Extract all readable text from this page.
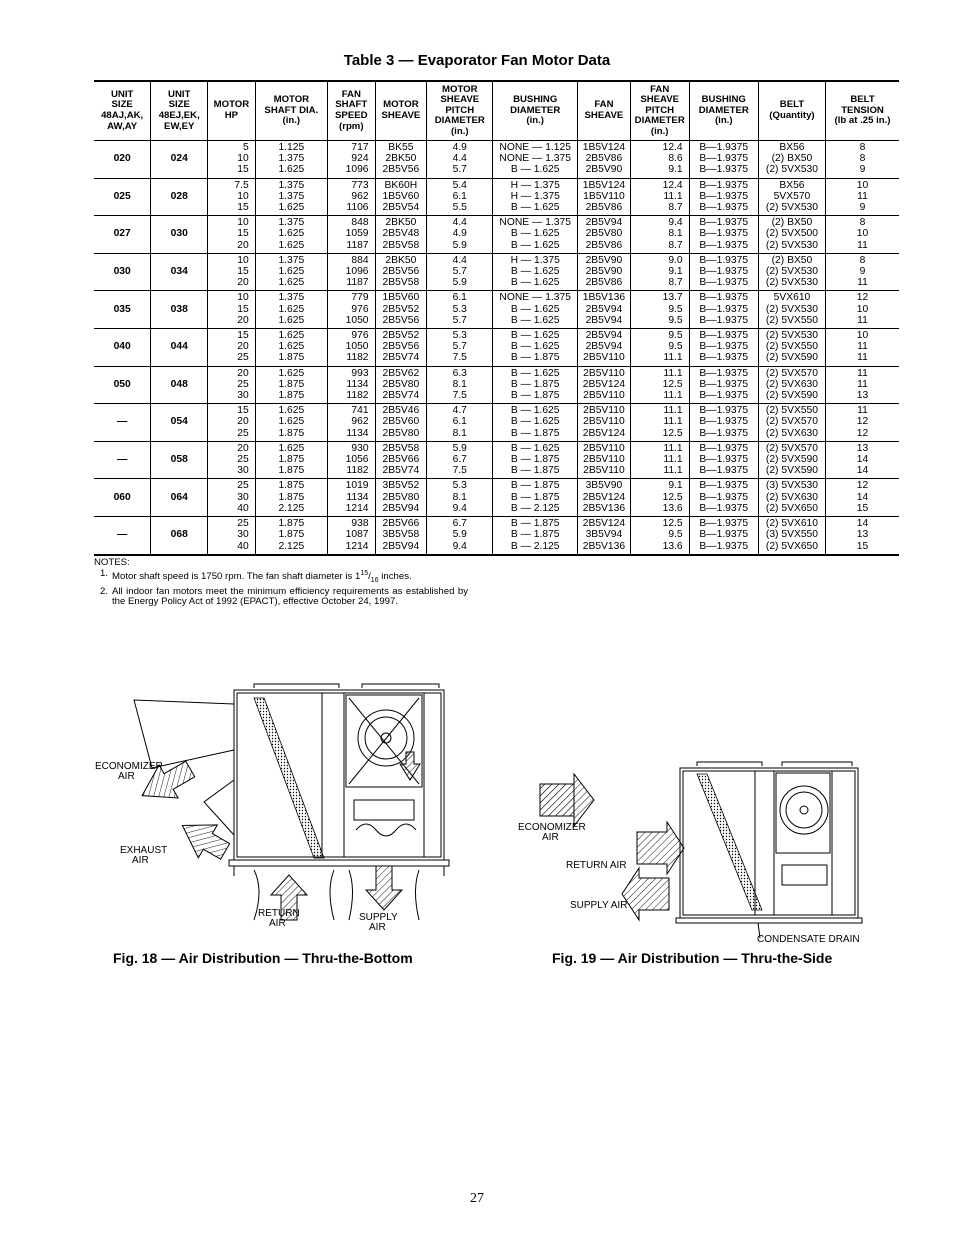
Table 3 — Evaporator Fan Motor Data
UNIT
SIZE
48AJ,AK,
AW,AY	UNIT
SIZE
48EJ,EK,
EW,EY	MOTOR
HP	MOTOR
SHAFT DIA.
(in.)	FAN
SHAFT
SPEED
(rpm)	MOTOR
SHEAVE	MOTOR
SHEAVE
PITCH
DIAMETER
(in.)	BUSHING
DIAMETER
(in.)	FAN
SHEAVE	FAN
SHEAVE
PITCH
DIAMETER
(in.)	BUSHING
DIAMETER
(in.)	BELT
(Quantity)	BELT
TENSION
(lb at .25 in.)

020	024	5
10
15	1.125
1.375
1.625	717
924
1096	BK55
2BK50
2B5V56	4.9
4.4
5.7	NONE — 1.125
NONE — 1.375
B — 1.625	1B5V124
2B5V86
2B5V90	12.4
8.6
9.1	B—1.9375
B—1.9375
B—1.9375	BX56
(2) BX50
(2) 5VX530	8
8
9

025	028	7.5
10
15	1.375
1.375
1.625	773
962
1106	BK60H
1B5V60
2B5V54	5.4
6.1
5.5	H — 1.375
H — 1.375
B — 1.625	1B5V124
1B5V110
2B5V86	12.4
11.1
8.7	B—1.9375
B—1.9375
B—1.9375	BX56
5VX570
(2) 5VX530	10
11
9

027	030	10
15
20	1.375
1.625
1.625	848
1059
1187	2BK50
2B5V48
2B5V58	4.4
4.9
5.9	NONE — 1.375
B — 1.625
B — 1.625	2B5V94
2B5V80
2B5V86	9.4
8.1
8.7	B—1.9375
B—1.9375
B—1.9375	(2) BX50
(2) 5VX500
(2) 5VX530	8
10
11

030	034	10
15
20	1.375
1.625
1.625	884
1096
1187	2BK50
2B5V56
2B5V58	4.4
5.7
5.9	H — 1.375
B — 1.625
B — 1.625	2B5V90
2B5V90
2B5V86	9.0
9.1
8.7	B—1.9375
B—1.9375
B—1.9375	(2) BX50
(2) 5VX530
(2) 5VX530	8
9
11

035	038	10
15
20	1.375
1.625
1.625	779
976
1050	1B5V60
2B5V52
2B5V56	6.1
5.3
5.7	NONE — 1.375
B — 1.625
B — 1.625	1B5V136
2B5V94
2B5V94	13.7
9.5
9.5	B—1.9375
B—1.9375
B—1.9375	5VX610
(2) 5VX530
(2) 5VX550	12
10
11

040	044	15
20
25	1.625
1.625
1.875	976
1050
1182	2B5V52
2B5V56
2B5V74	5.3
5.7
7.5	B — 1.625
B — 1.625
B — 1.875	2B5V94
2B5V94
2B5V110	9.5
9.5
11.1	B—1.9375
B—1.9375
B—1.9375	(2) 5VX530
(2) 5VX550
(2) 5VX590	10
11
11

050	048	20
25
30	1.625
1.875
1.875	993
1134
1182	2B5V62
2B5V80
2B5V74	6.3
8.1
7.5	B — 1.625
B — 1.875
B — 1.875	2B5V110
2B5V124
2B5V110	11.1
12.5
11.1	B—1.9375
B—1.9375
B—1.9375	(2) 5VX570
(2) 5VX630
(2) 5VX590	11
11
13

—	054	15
20
25	1.625
1.625
1.875	741
962
1134	2B5V46
2B5V60
2B5V80	4.7
6.1
8.1	B — 1.625
B — 1.625
B — 1.875	2B5V110
2B5V110
2B5V124	11.1
11.1
12.5	B—1.9375
B—1.9375
B—1.9375	(2) 5VX550
(2) 5VX570
(2) 5VX630	11
12
12

—	058	20
25
30	1.625
1.875
1.875	930
1056
1182	2B5V58
2B5V66
2B5V74	5.9
6.7
7.5	B — 1.625
B — 1.875
B — 1.875	2B5V110
2B5V110
2B5V110	11.1
11.1
11.1	B—1.9375
B—1.9375
B—1.9375	(2) 5VX570
(2) 5VX590
(2) 5VX590	13
14
14

060	064	25
30
40	1.875
1.875
2.125	1019
1134
1214	3B5V52
2B5V80
2B5V94	5.3
8.1
9.4	B — 1.875
B — 1.875
B — 2.125	3B5V90
2B5V124
2B5V136	9.1
12.5
13.6	B—1.9375
B—1.9375
B—1.9375	(3) 5VX530
(2) 5VX630
(2) 5VX650	12
14
15

—	068	25
30
40	1.875
1.875
2.125	938
1087
1214	2B5V66
3B5V58
2B5V94	6.7
5.9
9.4	B — 1.875
B — 1.875
B — 2.125	2B5V124
3B5V94
2B5V136	12.5
9.5
13.6	B—1.9375
B—1.9375
B—1.9375	(2) 5VX610
(3) 5VX550
(2) 5VX650	14
13
15
NOTES:
1. Motor shaft speed is 1750 rpm. The fan shaft diameter is $1^{15}/_{16}$ inches.
2. All indoor fan motors meet the minimum efficiency requirements as established by the Energy Policy Act of 1992 (EPACT), effective October 24, 1997.
ECONOMIZER
AIR
EXHAUST
AIR
RETURN
AIR
SUPPLY
AIR
Fig. 18 — Air Distribution — Thru-the-Bottom
ECONOMIZER
AIR
RETURN AIR
SUPPLY AIR
CONDENSATE DRAIN
Fig. 19 — Air Distribution — Thru-the-Side
27
